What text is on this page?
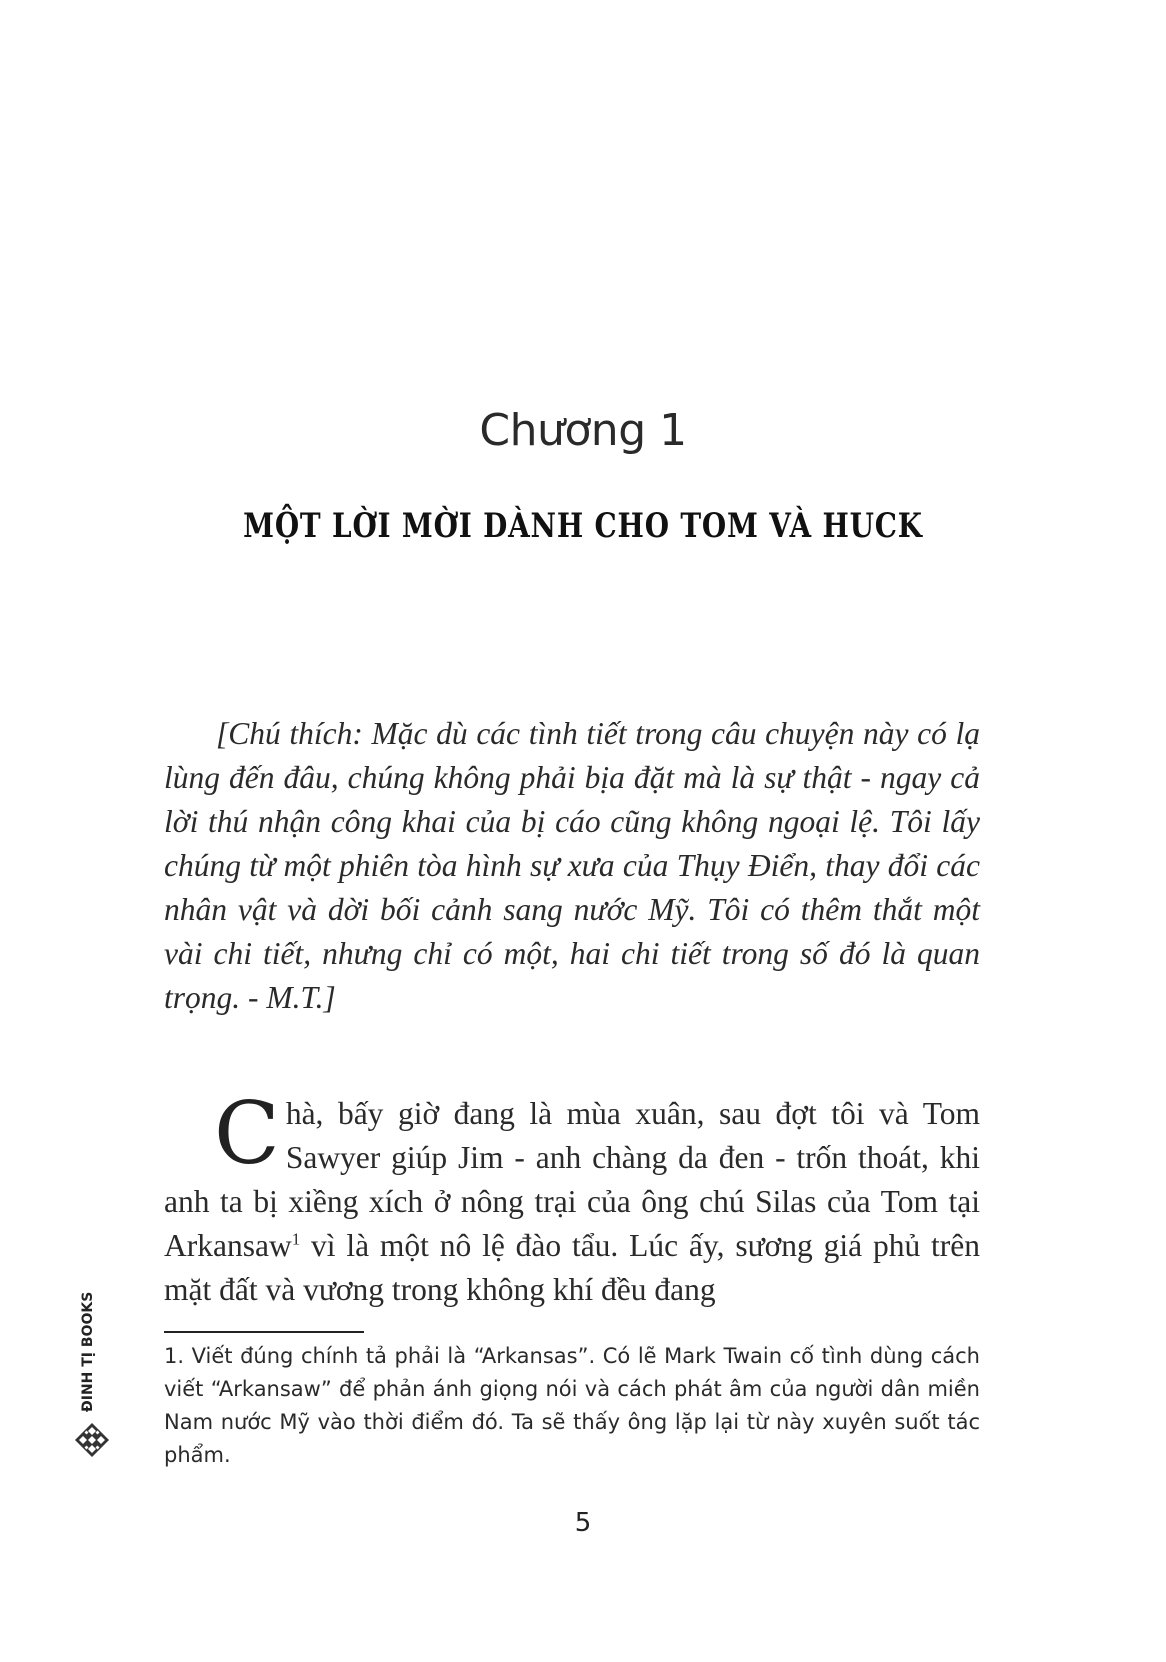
Chương 1
MỘT LỜI MỜI DÀNH CHO TOM VÀ HUCK

[Chú thích: Mặc dù các tình tiết trong câu chuyện này có lạ lùng đến đâu, chúng không phải bịa đặt mà là sự thật - ngay cả lời thú nhận công khai của bị cáo cũng không ngoại lệ. Tôi lấy chúng từ một phiên tòa hình sự xưa của Thụy Điển, thay đổi các nhân vật và dời bối cảnh sang nước Mỹ. Tôi có thêm thắt một vài chi tiết, nhưng chỉ có một, hai chi tiết trong số đó là quan trọng. - M.T.]

Chà, bấy giờ đang là mùa xuân, sau đợt tôi và Tom Sawyer giúp Jim - anh chàng da đen - trốn thoát, khi anh ta bị xiềng xích ở nông trại của ông chú Silas của Tom tại Arkansaw$^1$ vì là một nô lệ đào tẩu. Lúc ấy, sương giá phủ trên mặt đất và vương trong không khí đều đang

1. Viết đúng chính tả phải là “Arkansas”. Có lẽ Mark Twain cố tình dùng cách viết “Arkansaw” để phản ánh giọng nói và cách phát âm của người dân miền Nam nước Mỹ vào thời điểm đó. Ta sẽ thấy ông lặp lại từ này xuyên suốt tác phẩm.

5
ĐINH TỊ BOOKS
